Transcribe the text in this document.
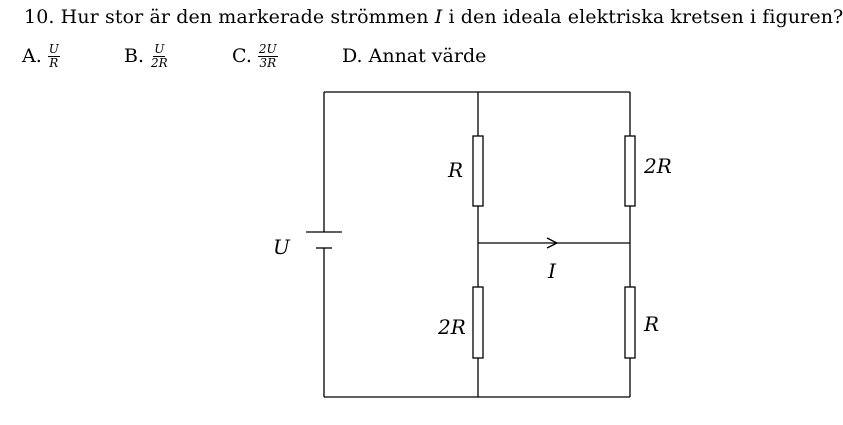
10. Hur stor är den markerade strömmen I i den ideala elektriska kretsen i figuren?
A. $\frac{U}{R}$	B. $\frac{U}{2R}$	C. $\frac{2U}{3R}$	D. Annat värde
U
R	2R
2R	R
I
